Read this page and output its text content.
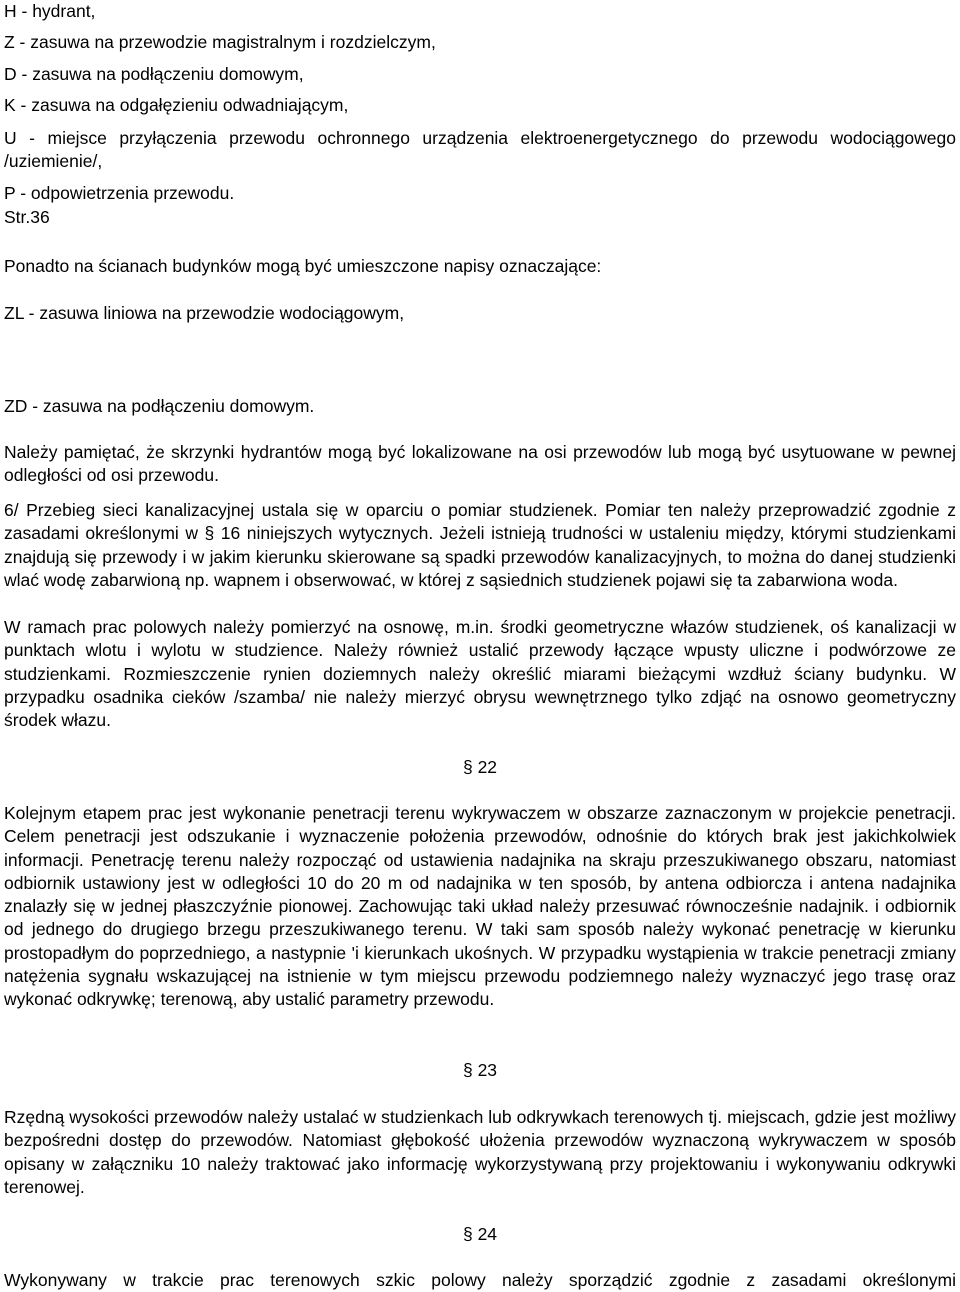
H - hydrant,
Z - zasuwa na przewodzie magistralnym i rozdzielczym,
D - zasuwa na podłączeniu domowym,
K - zasuwa na odgałęzieniu odwadniającym,

U - miejsce przyłączenia przewodu ochronnego urządzenia elektroenergetycznego do przewodu wodociągowego /uziemienie/,

P - odpowietrzenia przewodu.
Str.36
Ponadto na ścianach budynków mogą być umieszczone napisy oznaczające:
ZL - zasuwa liniowa na przewodzie wodociągowym,
ZD - zasuwa na podłączeniu domowym.

Należy pamiętać, że skrzynki hydrantów mogą być lokalizowane na osi przewodów lub mogą być usytuowane w pewnej odległości od osi przewodu.

6/ Przebieg sieci kanalizacyjnej ustala się w oparciu o pomiar studzienek. Pomiar ten należy przeprowadzić zgodnie z zasadami określonymi w § 16 niniejszych wytycznych. Jeżeli istnieją trudności w ustaleniu między, którymi studzienkami znajdują się przewody i w jakim kierunku skierowane są spadki przewodów kanalizacyjnych, to można do danej studzienki wlać wodę zabarwioną np. wapnem i obserwować, w której z sąsiednich studzienek pojawi się ta zabarwiona woda.

W ramach prac polowych należy pomierzyć na osnowę, m.in. środki geometryczne włazów studzienek, oś kanalizacji w punktach wlotu i wylotu w studzience. Należy również ustalić przewody łączące wpusty uliczne i podwórzowe ze studzienkami. Rozmieszczenie rynien doziemnych należy określić miarami bieżącymi wzdłuż ściany budynku. W przypadku osadnika cieków /szamba/ nie należy mierzyć obrysu wewnętrznego tylko zdjąć na osnowo geometryczny środek włazu.

§ 22

Kolejnym etapem prac jest wykonanie penetracji terenu wykrywaczem w obszarze zaznaczonym w projekcie penetracji. Celem penetracji jest odszukanie i wyznaczenie położenia przewodów, odnośnie do których brak jest jakichkolwiek informacji. Penetrację terenu należy rozpocząć od ustawienia nadajnika na skraju przeszukiwanego obszaru, natomiast odbiornik ustawiony jest w odległości 10 do 20 m od nadajnika w ten sposób, by antena odbiorcza i antena nadajnika znalazły się w jednej płaszczyźnie pionowej. Zachowując taki układ należy przesuwać równocześnie nadajnik. i odbiornik od jednego do drugiego brzegu przeszukiwanego terenu. W taki sam sposób należy wykonać penetrację w kierunku prostopadłym do poprzedniego, a nastypnie 'i kierunkach ukośnych. W przypadku wystąpienia w trakcie penetracji zmiany natężenia sygnału wskazującej na istnienie w tym miejscu przewodu podziemnego należy wyznaczyć jego trasę oraz wykonać odkrywkę; terenową, aby ustalić parametry przewodu.

§ 23

Rzędną wysokości przewodów należy ustalać w studzienkach lub odkrywkach terenowych tj. miejscach, gdzie jest możliwy bezpośredni dostęp do przewodów. Natomiast głębokość ułożenia przewodów wyznaczoną wykrywaczem w sposób opisany w załączniku 10 należy traktować jako informację wykorzystywaną przy projektowaniu i wykonywaniu odkrywki terenowej.

§ 24

Wykonywany w trakcie prac terenowych szkic polowy należy sporządzić zgodnie z zasadami określonymi
